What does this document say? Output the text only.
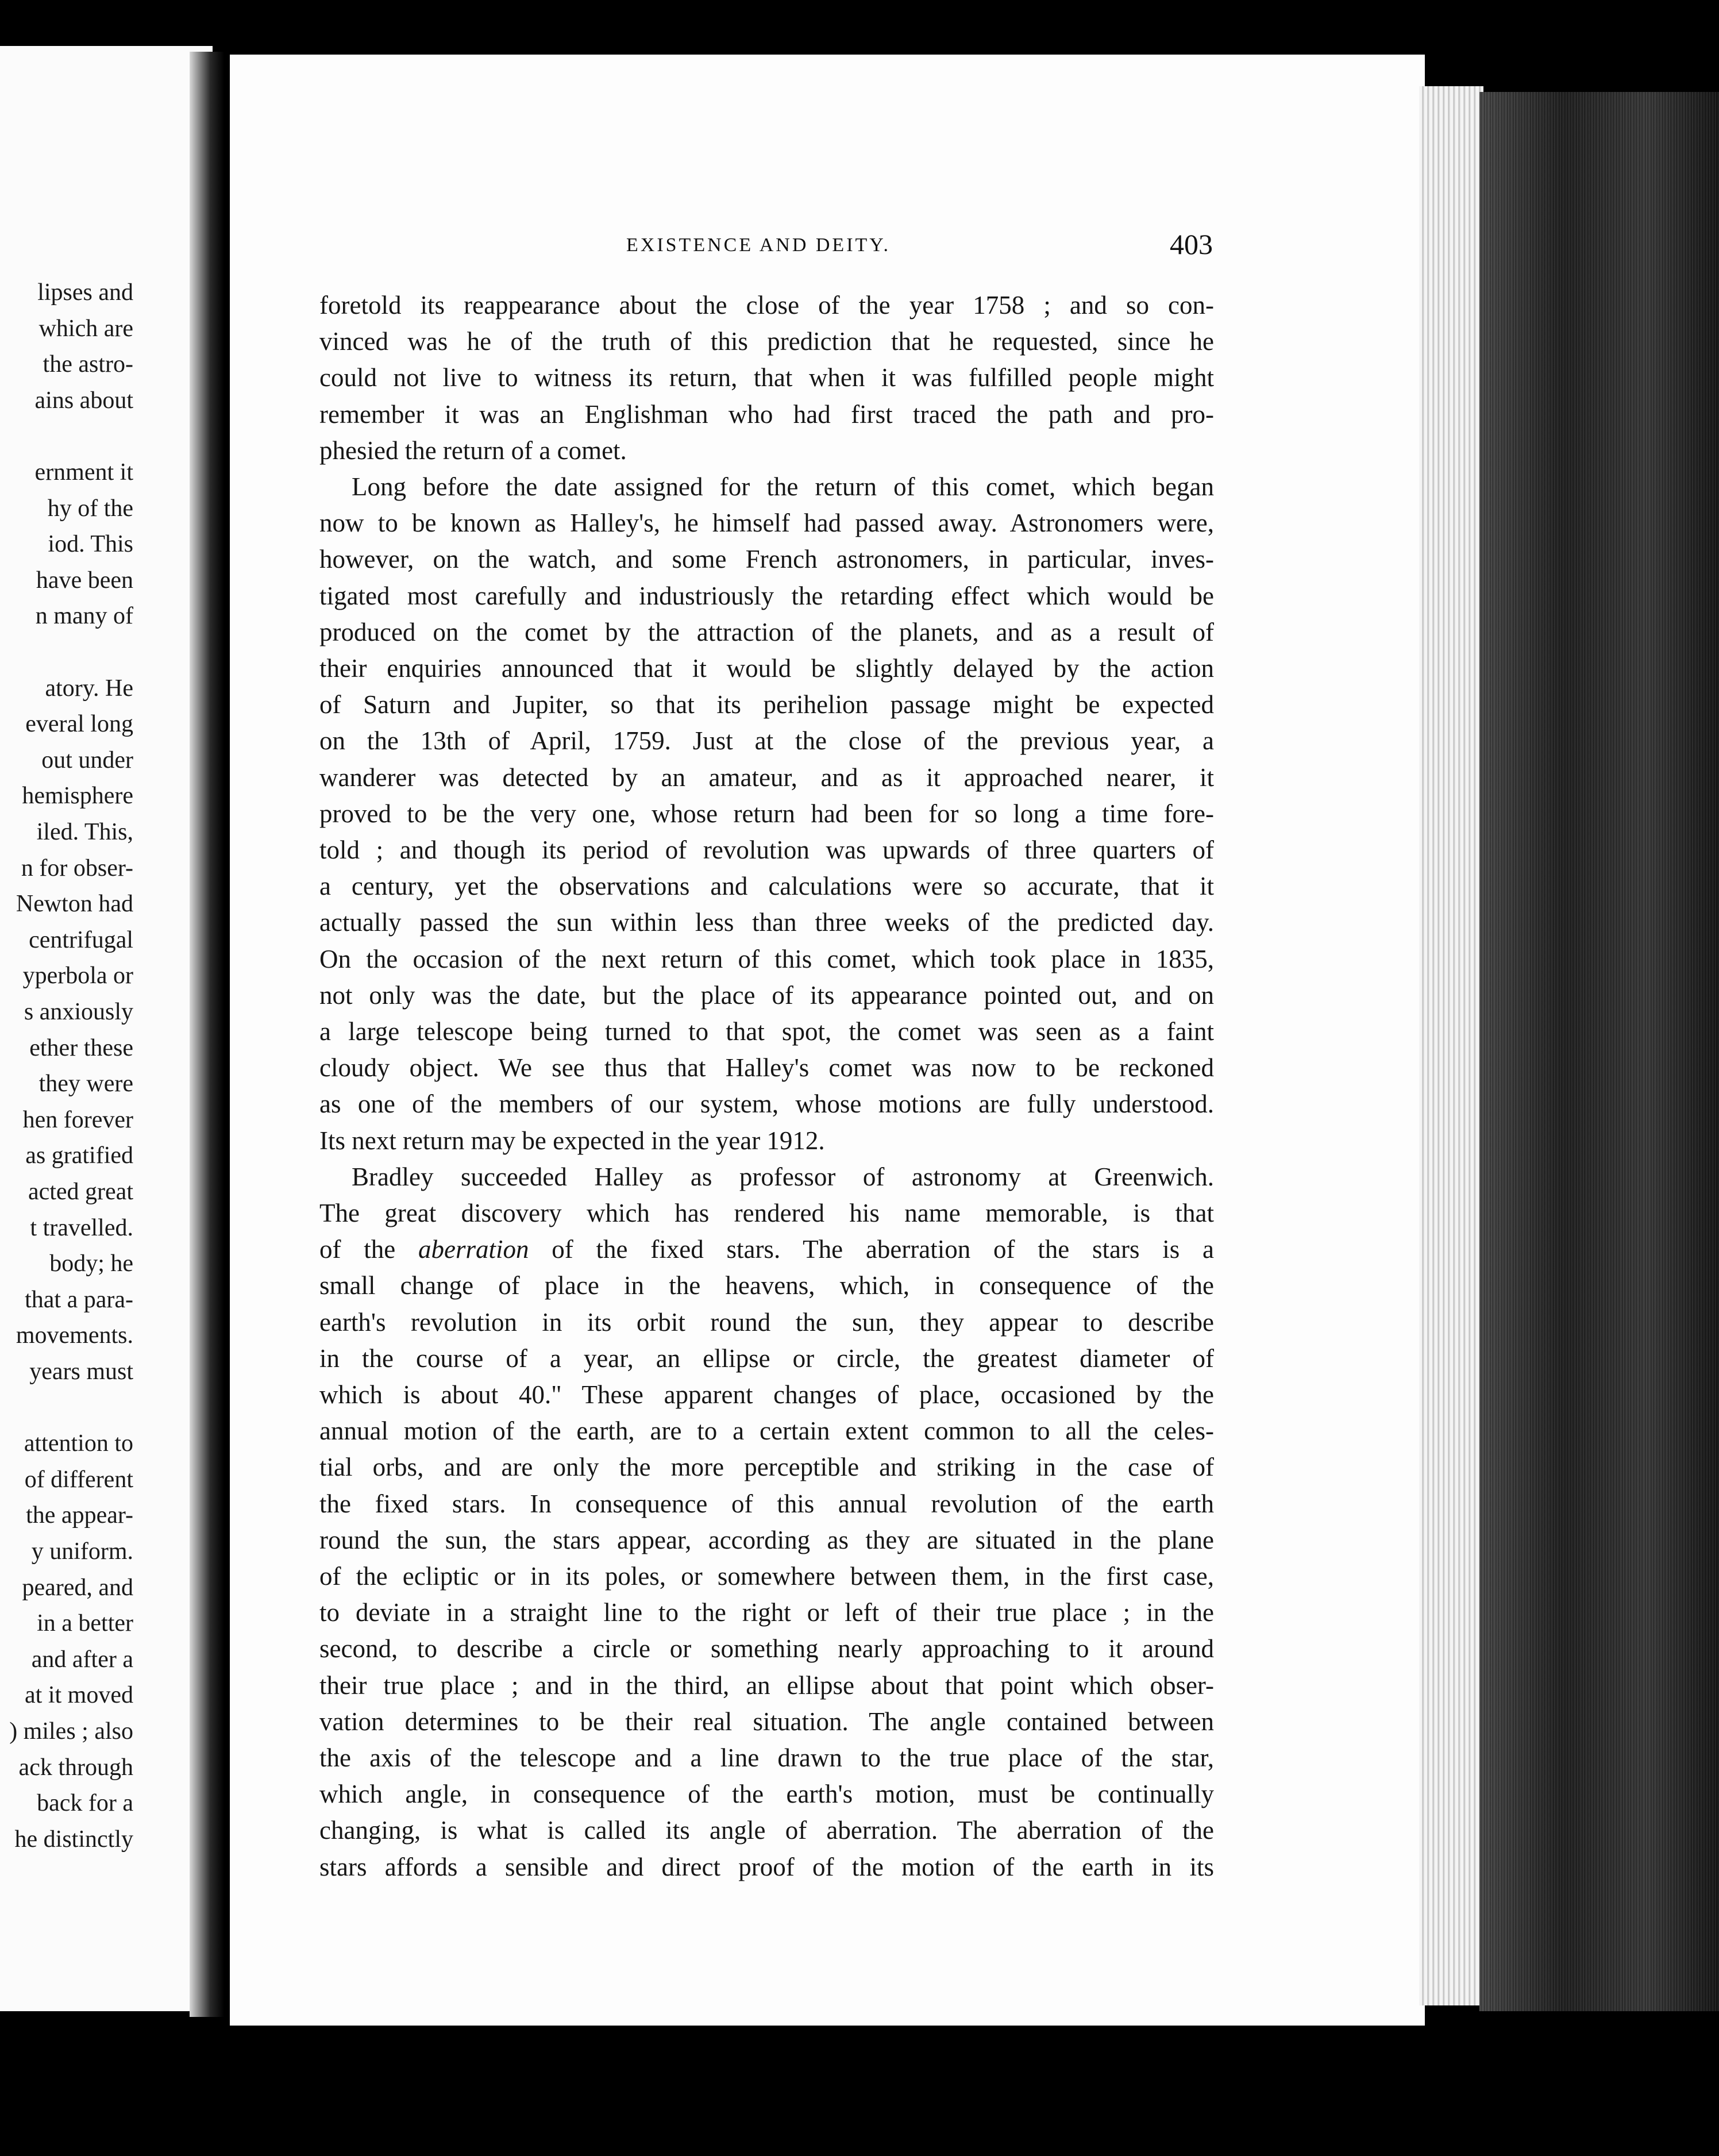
EXISTENCE AND DEITY.	403
lipses and
which are
the astro-
ains about
ernment it
hy of the
iod. This
have been
n many of
atory. He
everal long
out under
hemisphere
iled. This,
n for obser-
Newton had
centrifugal
yperbola or
s anxiously
ether these
they were
hen forever
as gratified
acted great
t travelled.
body; he
that a para-
movements.
years must
attention to
of different
the appear-
y uniform.
peared, and
in a better
and after a
at it moved
) miles ; also
ack through
back for a
he distinctly
foretold its reappearance about the close of the year 1758 ; and so con-
vinced was he of the truth of this prediction that he requested, since he
could not live to witness its return, that when it was fulfilled people might
remember it was an Englishman who had first traced the path and pro-
phesied the return of a comet.
Long before the date assigned for the return of this comet, which began
now to be known as Halley's, he himself had passed away. Astronomers were,
however, on the watch, and some French astronomers, in particular, inves-
tigated most carefully and industriously the retarding effect which would be
produced on the comet by the attraction of the planets, and as a result of
their enquiries announced that it would be slightly delayed by the action
of Saturn and Jupiter, so that its perihelion passage might be expected
on the 13th of April, 1759. Just at the close of the previous year, a
wanderer was detected by an amateur, and as it approached nearer, it
proved to be the very one, whose return had been for so long a time fore-
told ; and though its period of revolution was upwards of three quarters of
a century, yet the observations and calculations were so accurate, that it
actually passed the sun within less than three weeks of the predicted day.
On the occasion of the next return of this comet, which took place in 1835,
not only was the date, but the place of its appearance pointed out, and on
a large telescope being turned to that spot, the comet was seen as a faint
cloudy object. We see thus that Halley's comet was now to be reckoned
as one of the members of our system, whose motions are fully understood.
Its next return may be expected in the year 1912.
Bradley succeeded Halley as professor of astronomy at Greenwich.
The great discovery which has rendered his name memorable, is that
of the aberration of the fixed stars. The aberration of the stars is a
small change of place in the heavens, which, in consequence of the
earth's revolution in its orbit round the sun, they appear to describe
in the course of a year, an ellipse or circle, the greatest diameter of
which is about 40." These apparent changes of place, occasioned by the
annual motion of the earth, are to a certain extent common to all the celes-
tial orbs, and are only the more perceptible and striking in the case of
the fixed stars. In consequence of this annual revolution of the earth
round the sun, the stars appear, according as they are situated in the plane
of the ecliptic or in its poles, or somewhere between them, in the first case,
to deviate in a straight line to the right or left of their true place ; in the
second, to describe a circle or something nearly approaching to it around
their true place ; and in the third, an ellipse about that point which obser-
vation determines to be their real situation. The angle contained between
the axis of the telescope and a line drawn to the true place of the star,
which angle, in consequence of the earth's motion, must be continually
changing, is what is called its angle of aberration. The aberration of the
stars affords a sensible and direct proof of the motion of the earth in its
